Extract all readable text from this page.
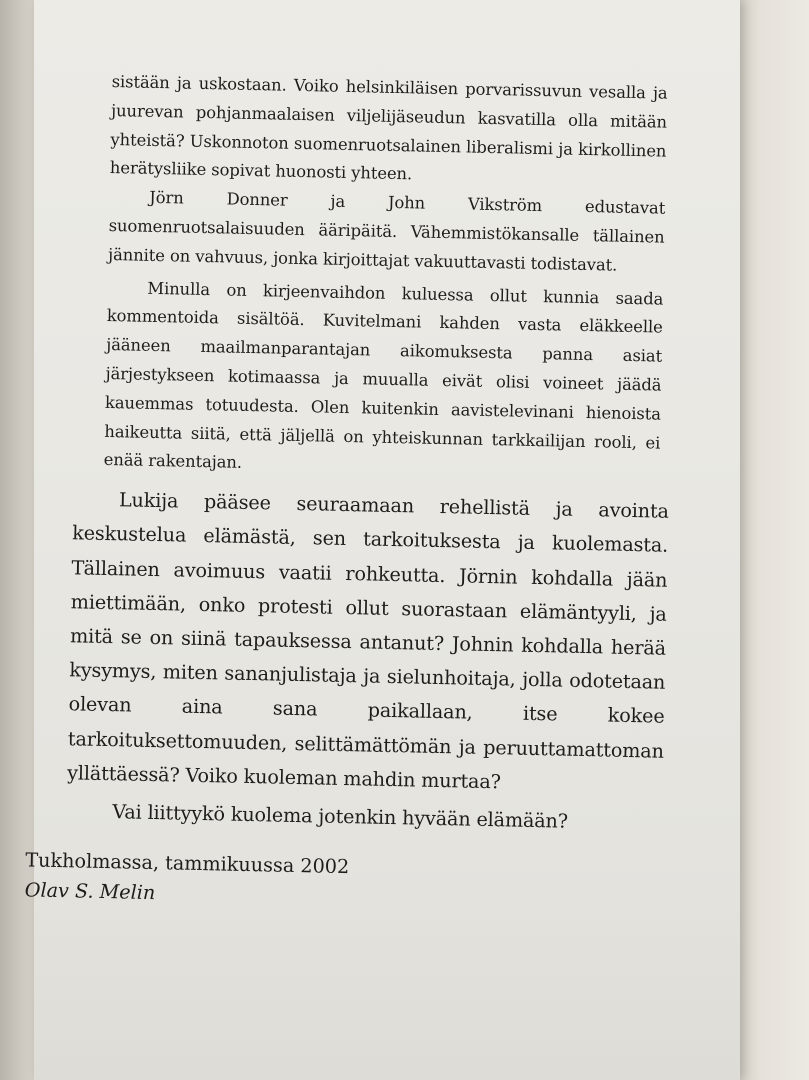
sistään ja uskostaan. Voiko helsinkiläisen porvarissuvun vesalla ja juurevan pohjanmaalaisen viljelijäseudun kasvatilla olla mitään yhteistä? Uskonnoton suomenruotsalainen liberalismi ja kirkollinen herätysliike sopivat huonosti yhteen.

Jörn Donner ja John Vikström edustavat suomenruotsalaisuuden ääripäitä. Vähemmistökansalle tällainen jännite on vahvuus, jonka kirjoittajat vakuuttavasti todistavat.

Minulla on kirjeenvaihdon kuluessa ollut kunnia saada kommentoida sisältöä. Kuvitelmani kahden vasta eläkkeelle jääneen maailmanparantajan aikomuksesta panna asiat järjestykseen kotimaassa ja muualla eivät olisi voineet jäädä kauemmas totuudesta. Olen kuitenkin aavistelevinani hienoista haikeutta siitä, että jäljellä on yhteiskunnan tarkkailijan rooli, ei enää rakentajan.

Lukija pääsee seuraamaan rehellistä ja avointa keskustelua elämästä, sen tarkoituksesta ja kuolemasta. Tällainen avoimuus vaatii rohkeutta. Jörnin kohdalla jään miettimään, onko protesti ollut suorastaan elämäntyyli, ja mitä se on siinä tapauksessa antanut? Johnin kohdalla herää kysymys, miten sananjulistaja ja sielunhoitaja, jolla odotetaan olevan aina sana paikallaan, itse kokee tarkoituksettomuuden, selittämättömän ja peruuttamattoman yllättäessä? Voiko kuoleman mahdin murtaa?

Vai liittyykö kuolema jotenkin hyvään elämään?

Tukholmassa, tammikuussa 2002
Olav S. Melin
